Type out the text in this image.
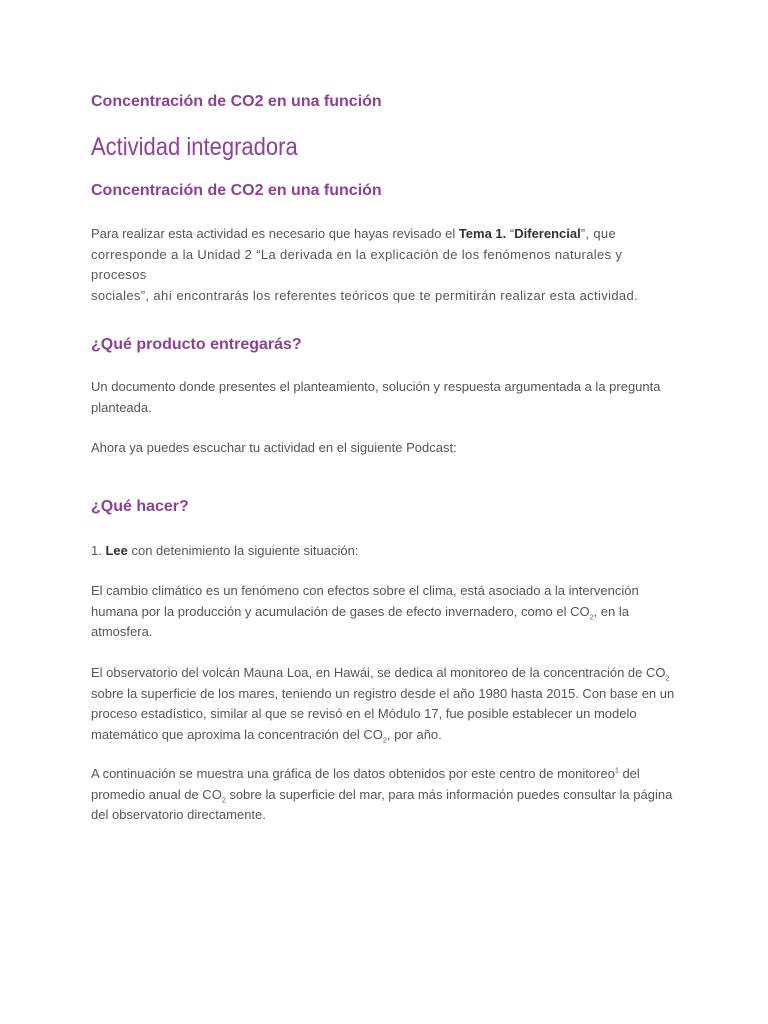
Concentración de CO2 en una función
Actividad integradora
Concentración de CO2 en una función
Para realizar esta actividad es necesario que hayas revisado el Tema 1. “Diferencial”, que
corresponde a la Unidad 2 “La derivada en la explicación de los fenómenos naturales y procesos
sociales”, ahí encontrarás los referentes teóricos que te permitirán realizar esta actividad.
¿Qué producto entregarás?

Un documento donde presentes el planteamiento, solución y respuesta argumentada a la pregunta planteada.

Ahora ya puedes escuchar tu actividad en el siguiente Podcast:

¿Qué hacer?

1. Lee con detenimiento la siguiente situación:

El cambio climático es un fenómeno con efectos sobre el clima, está asociado a la intervención humana por la producción y acumulación de gases de efecto invernadero, como el $CO_2$, en la atmosfera.

El observatorio del volcán Mauna Loa, en Hawái, se dedica al monitoreo de la concentración de $CO_2$ sobre la superficie de los mares, teniendo un registro desde el año 1980 hasta 2015. Con base en un proceso estadístico, similar al que se revisó en el Módulo 17, fue posible establecer un modelo matemático que aproxima la concentración del $CO_2$, por año.

A continuación se muestra una gráfica de los datos obtenidos por este centro de monitoreo$^1$ del promedio anual de $CO_2$ sobre la superficie del mar, para más información puedes consultar la página del observatorio directamente.
